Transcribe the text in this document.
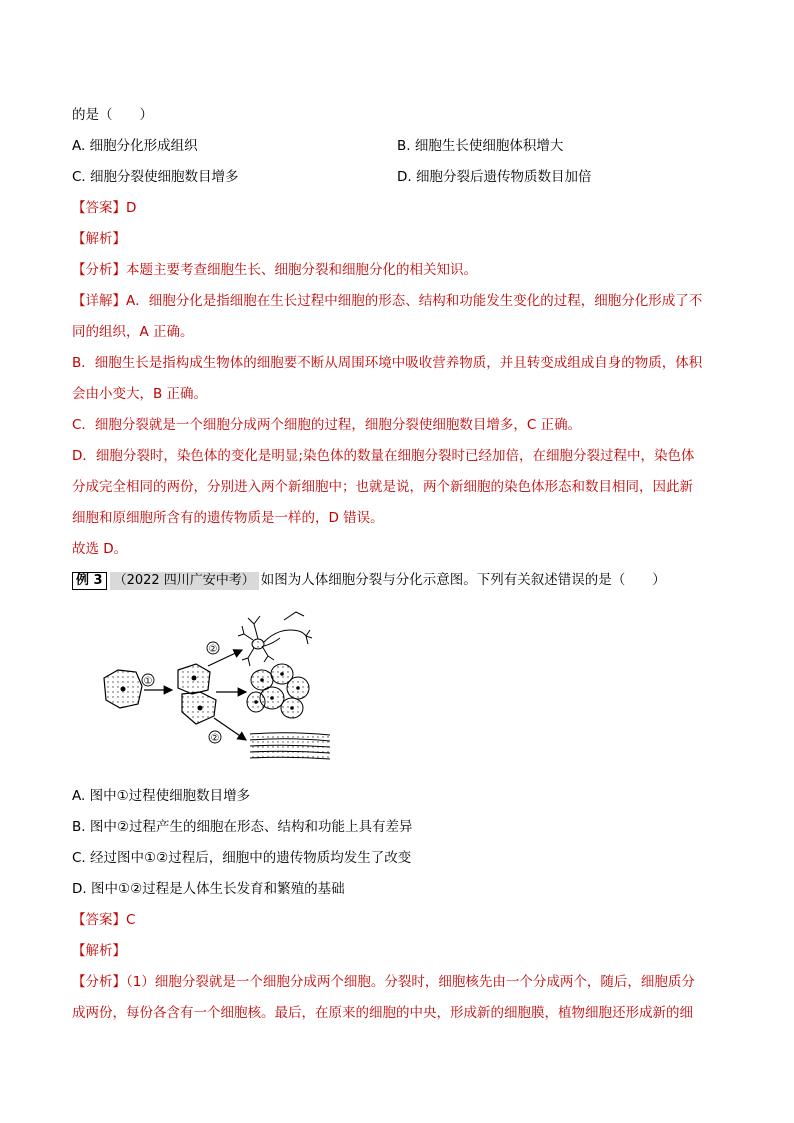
的是（　　）
A. 细胞分化形成组织	B. 细胞生长使细胞体积增大
C. 细胞分裂使细胞数目增多	D. 细胞分裂后遗传物质数目加倍
【答案】D
【解析】
【分析】本题主要考查细胞生长、细胞分裂和细胞分化的相关知识。
【详解】A．细胞分化是指细胞在生长过程中细胞的形态、结构和功能发生变化的过程，细胞分化形成了不
同的组织，A 正确。
B．细胞生长是指构成生物体的细胞要不断从周围环境中吸收营养物质，并且转变成组成自身的物质，体积
会由小变大，B 正确。
C．细胞分裂就是一个细胞分成两个细胞的过程，细胞分裂使细胞数目增多，C 正确。
D．细胞分裂时，染色体的变化是明显;染色体的数量在细胞分裂时已经加倍，在细胞分裂过程中，染色体
分成完全相同的两份，分别进入两个新细胞中；也就是说，两个新细胞的染色体形态和数目相同，因此新
细胞和原细胞所含有的遗传物质是一样的，D 错误。
故选 D。
例 3 （2022 四川广安中考） 如图为人体细胞分裂与分化示意图。下列有关叙述错误的是（　　）
①
②
②
A. 图中①过程使细胞数目增多
B. 图中②过程产生的细胞在形态、结构和功能上具有差异
C. 经过图中①②过程后，细胞中的遗传物质均发生了改变
D. 图中①②过程是人体生长发育和繁殖的基础
【答案】C
【解析】
【分析】（1）细胞分裂就是一个细胞分成两个细胞。分裂时，细胞核先由一个分成两个，随后，细胞质分
成两份，每份各含有一个细胞核。最后，在原来的细胞的中央，形成新的细胞膜，植物细胞还形成新的细
